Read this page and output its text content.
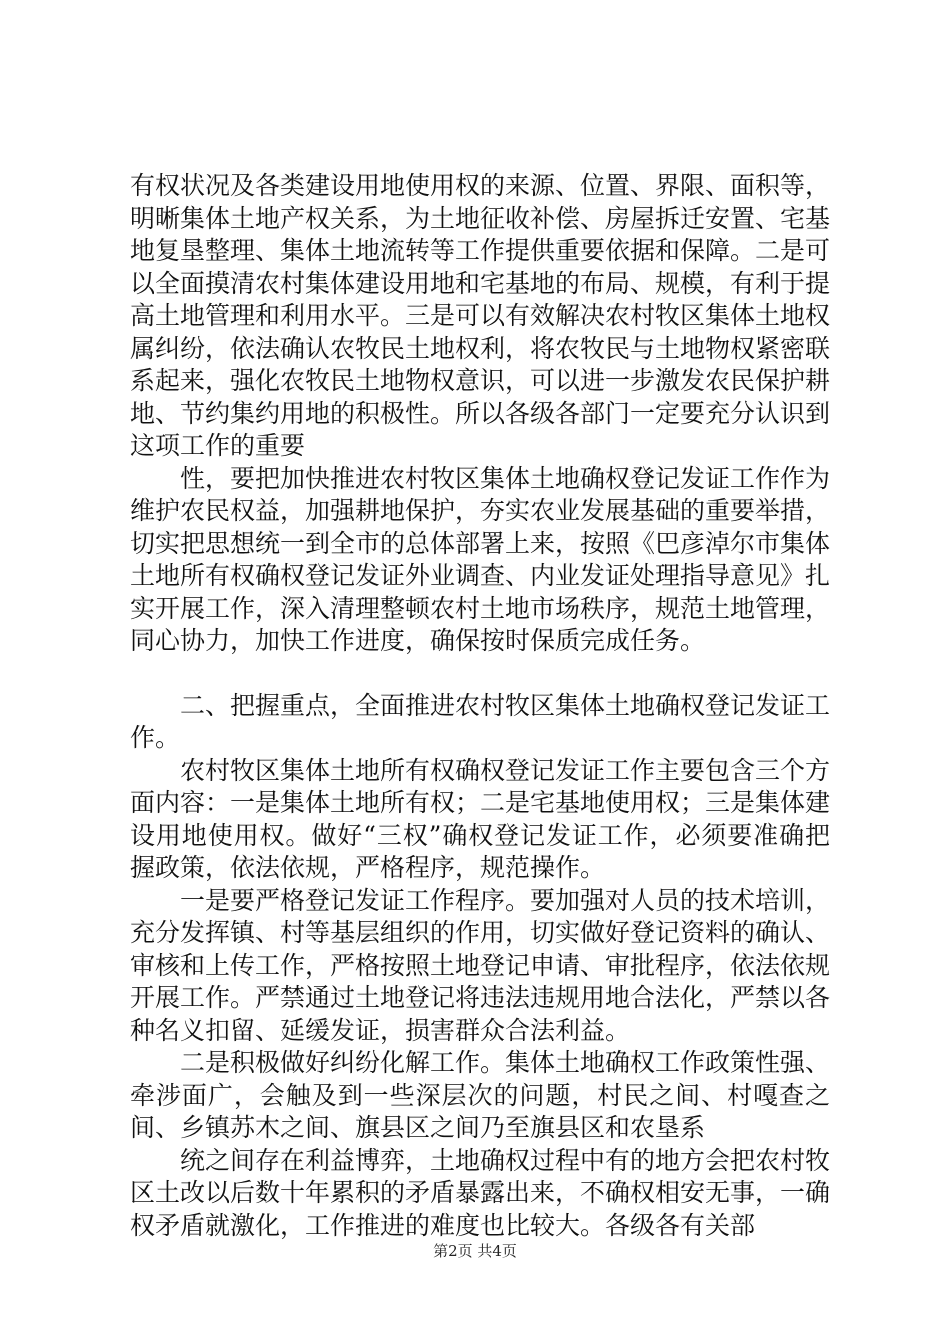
有权状况及各类建设用地使用权的来源、位置、界限、面积等，明晰集体土地产权关系，为土地征收补偿、房屋拆迁安置、宅基地复垦整理、集体土地流转等工作提供重要依据和保障。二是可以全面摸清农村集体建设用地和宅基地的布局、规模，有利于提高土地管理和利用水平。三是可以有效解决农村牧区集体土地权属纠纷，依法确认农牧民土地权利，将农牧民与土地物权紧密联系起来，强化农牧民土地物权意识，可以进一步激发农民保护耕地、节约集约用地的积极性。所以各级各部门一定要充分认识到这项工作的重要

性，要把加快推进农村牧区集体土地确权登记发证工作作为维护农民权益，加强耕地保护，夯实农业发展基础的重要举措，切实把思想统一到全市的总体部署上来，按照《巴彦淖尔市集体土地所有权确权登记发证外业调查、内业发证处理指导意见》扎实开展工作，深入清理整顿农村土地市场秩序，规范土地管理，同心协力，加快工作进度，确保按时保质完成任务。

二、把握重点，全面推进农村牧区集体土地确权登记发证工作。

农村牧区集体土地所有权确权登记发证工作主要包含三个方面内容：一是集体土地所有权；二是宅基地使用权；三是集体建设用地使用权。做好“三权”确权登记发证工作，必须要准确把握政策，依法依规，严格程序，规范操作。

一是要严格登记发证工作程序。要加强对人员的技术培训，充分发挥镇、村等基层组织的作用，切实做好登记资料的确认、审核和上传工作，严格按照土地登记申请、审批程序，依法依规开展工作。严禁通过土地登记将违法违规用地合法化，严禁以各种名义扣留、延缓发证，损害群众合法利益。

二是积极做好纠纷化解工作。集体土地确权工作政策性强、牵涉面广，会触及到一些深层次的问题，村民之间、村嘎查之间、乡镇苏木之间、旗县区之间乃至旗县区和农垦系

统之间存在利益博弈，土地确权过程中有的地方会把农村牧区土改以后数十年累积的矛盾暴露出来，不确权相安无事，一确权矛盾就激化，工作推进的难度也比较大。各级各有关部

第2页 共4页
